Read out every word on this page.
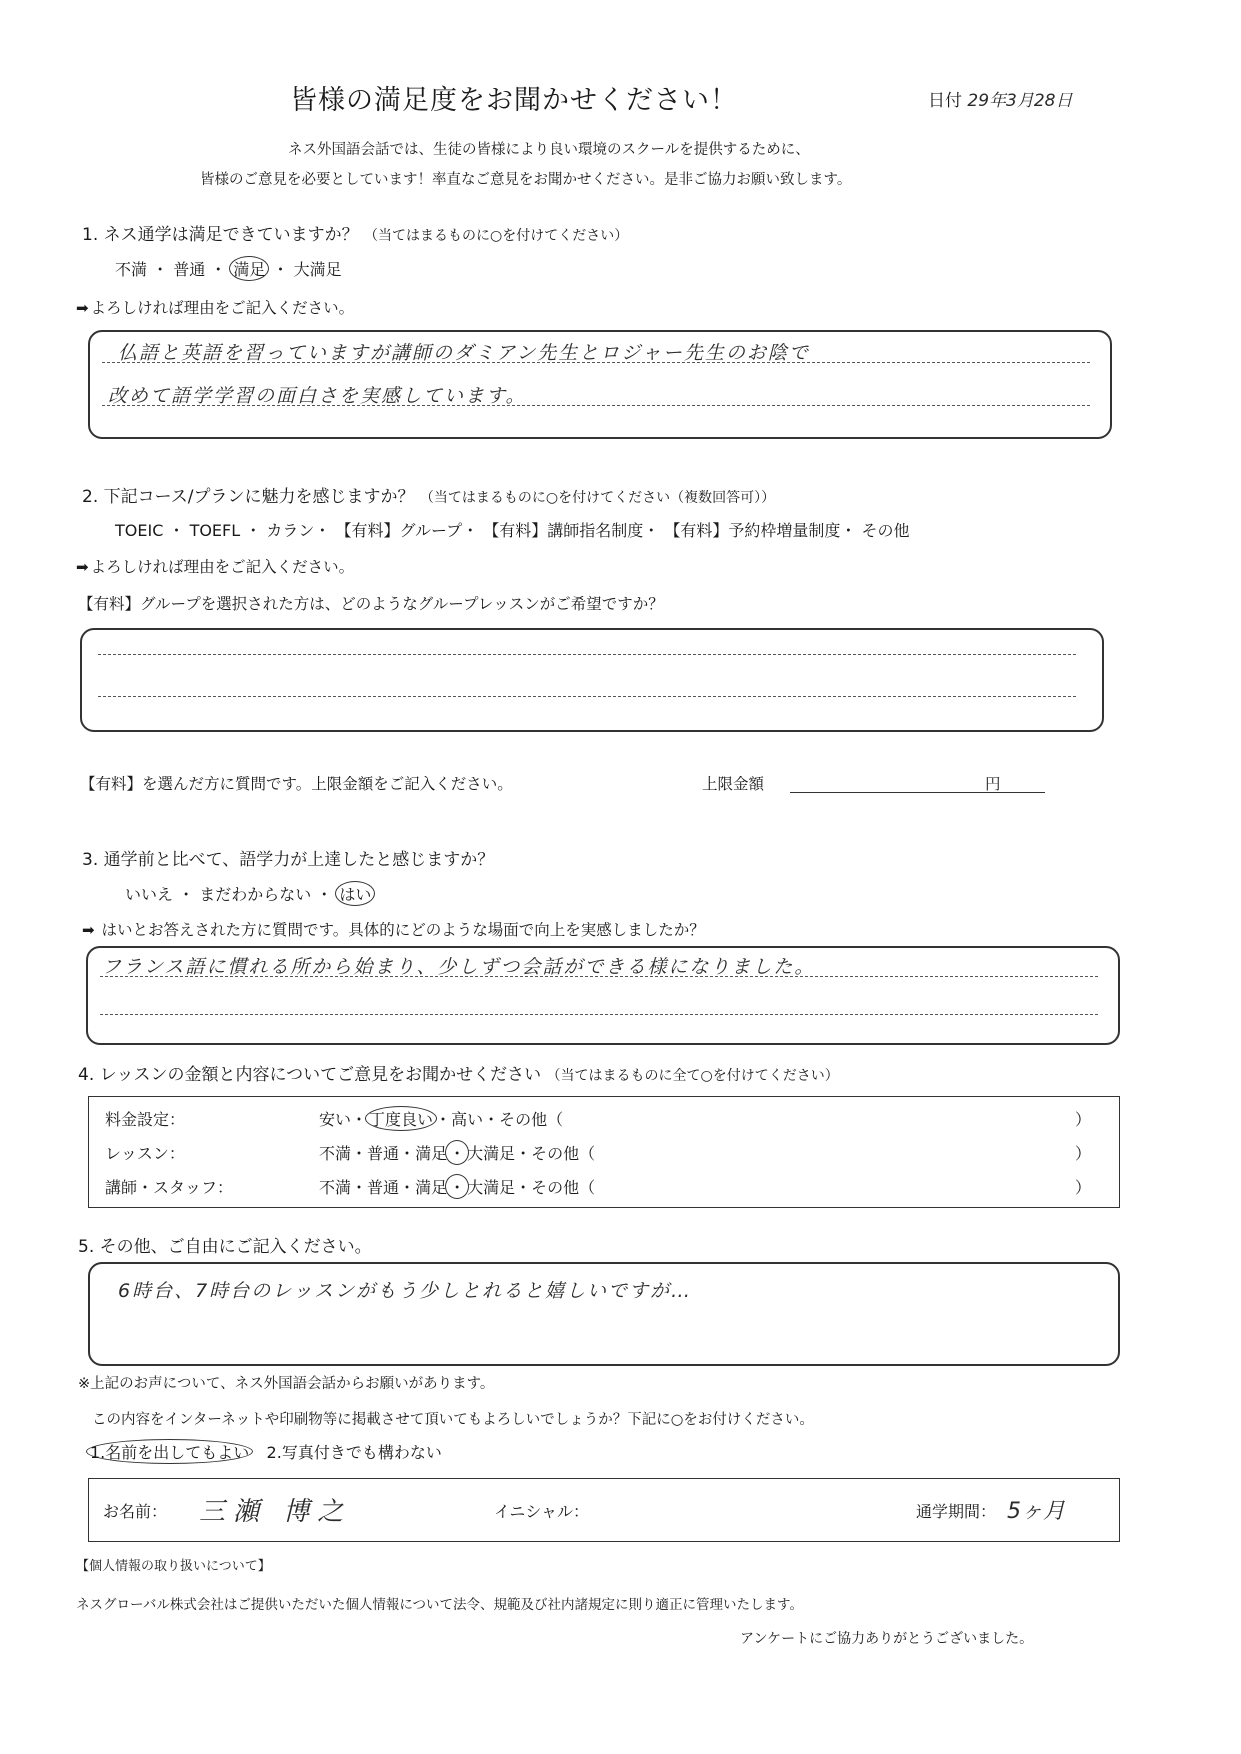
皆様の満足度をお聞かせください！	日付 29年3月28日
ネス外国語会話では、生徒の皆様により良い環境のスクールを提供するために、
皆様のご意見を必要としています！率直なご意見をお聞かせください。是非ご協力お願い致します。
1. ネス通学は満足できていますか？ （当てはまるものに○を付けてください）
不満 ・ 普通 ・ 満足 ・ 大満足
➡ よろしければ理由をご記入ください。
仏語と英語を習っていますが講師のダミアン先生とロジャー先生のお陰で
改めて語学学習の面白さを実感しています。
2. 下記コース/プランに魅力を感じますか？ （当てはまるものに○を付けてください（複数回答可））
TOEIC ・ TOEFL ・ カラン・ 【有料】グループ・ 【有料】講師指名制度・ 【有料】予約枠増量制度・ その他
➡ よろしければ理由をご記入ください。
【有料】グループを選択された方は、どのようなグループレッスンがご希望ですか？
【有料】を選んだ方に質問です。上限金額をご記入ください。	上限金額	円
3. 通学前と比べて、語学力が上達したと感じますか？
いいえ ・ まだわからない ・ はい
➡ はいとお答えされた方に質問です。具体的にどのような場面で向上を実感しましたか？
フランス語に慣れる所から始まり、少しずつ会話ができる様になりました。
4. レッスンの金額と内容についてご意見をお聞かせください （当てはまるものに全て○を付けてください）
料金設定：	安い・ 丁度良い ・高い・その他（	）
レッスン：	不満・普通・満足 ・ 大満足・その他（	）
講師・スタッフ：	不満・普通・満足 ・ 大満足・その他（	）
5. その他、ご自由にご記入ください。
6時台、7時台のレッスンがもう少しとれると嬉しいですが…
※上記のお声について、ネス外国語会話からお願いがあります。
この内容をインターネットや印刷物等に掲載させて頂いてもよろしいでしょうか？下記に○をお付けください。
1.名前を出してもよい 2.写真付きでも構わない
お名前： 三瀬 博之	イニシャル：	通学期間： 5ヶ月
【個人情報の取り扱いについて】
ネスグローバル株式会社はご提供いただいた個人情報について法令、規範及び社内諸規定に則り適正に管理いたします。
アンケートにご協力ありがとうございました。
